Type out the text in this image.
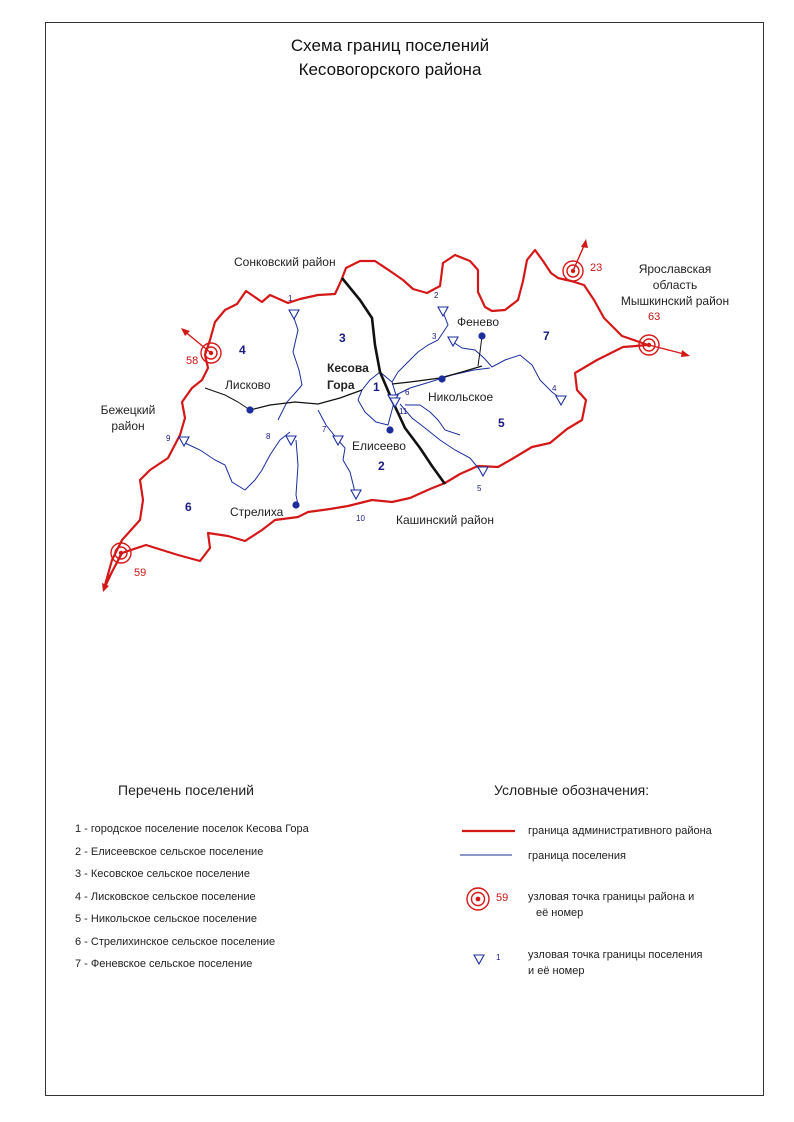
Схема границ поселений
Кесовогорского района
Сонковский район
Бежецкий
район
Ярославская
область
Мышкинский район
Кашинский район
Кесова
Гора
Фенево
Лисково
Никольское
Елисеево
Стрелиха
1
2
3
4
5
6
7
1	2
3
4
5
6
7
8
9
10
11
23
58
59
63
Перечень поселений
1 - городское поселение поселок Кесова Гора
2 - Елисеевское сельское поселение
3 - Кесовское сельское поселение
4 - Лисковское сельское поселение
5 - Никольское сельское поселение
6 - Стрелихинское сельское поселение
7 - Феневское сельское поселение
Условные обозначения:
граница административного района
граница поселения
59 узловая точка границы района и
её номер
1	узловая точка границы поселения
и её номер
